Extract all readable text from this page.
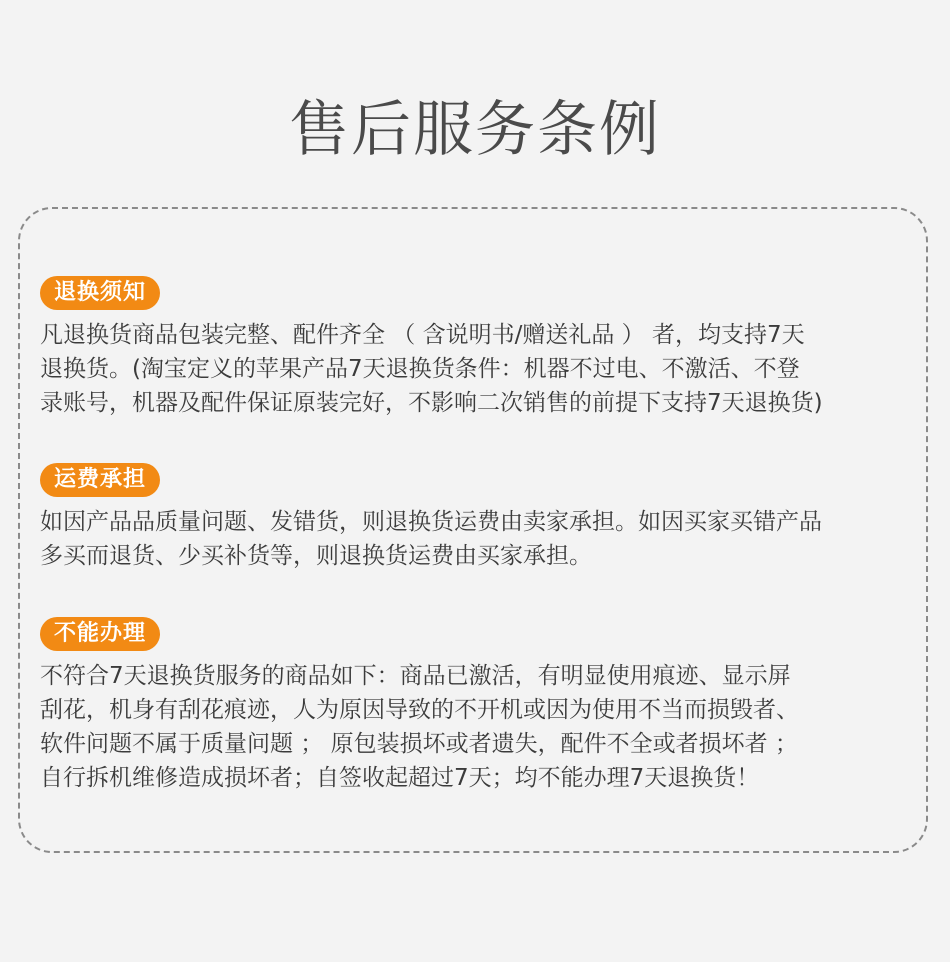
售后服务条例
退换须知
凡退换货商品包装完整、配件齐全 （ 含说明书/赠送礼品 ） 者，均支持7天
退换货。(淘宝定义的苹果产品7天退换货条件：机器不过电、不激活、不登
录账号，机器及配件保证原装完好，不影响二次销售的前提下支持7天退换货)
运费承担
如因产品品质量问题、发错货，则退换货运费由卖家承担。如因买家买错产品
多买而退货、少买补货等，则退换货运费由买家承担。
不能办理
不符合7天退换货服务的商品如下：商品已激活，有明显使用痕迹、显示屏
刮花，机身有刮花痕迹，人为原因导致的不开机或因为使用不当而损毁者、
软件问题不属于质量问题 ； 原包装损坏或者遗失，配件不全或者损坏者 ；
自行拆机维修造成损坏者；自签收起超过7天；均不能办理7天退换货！
